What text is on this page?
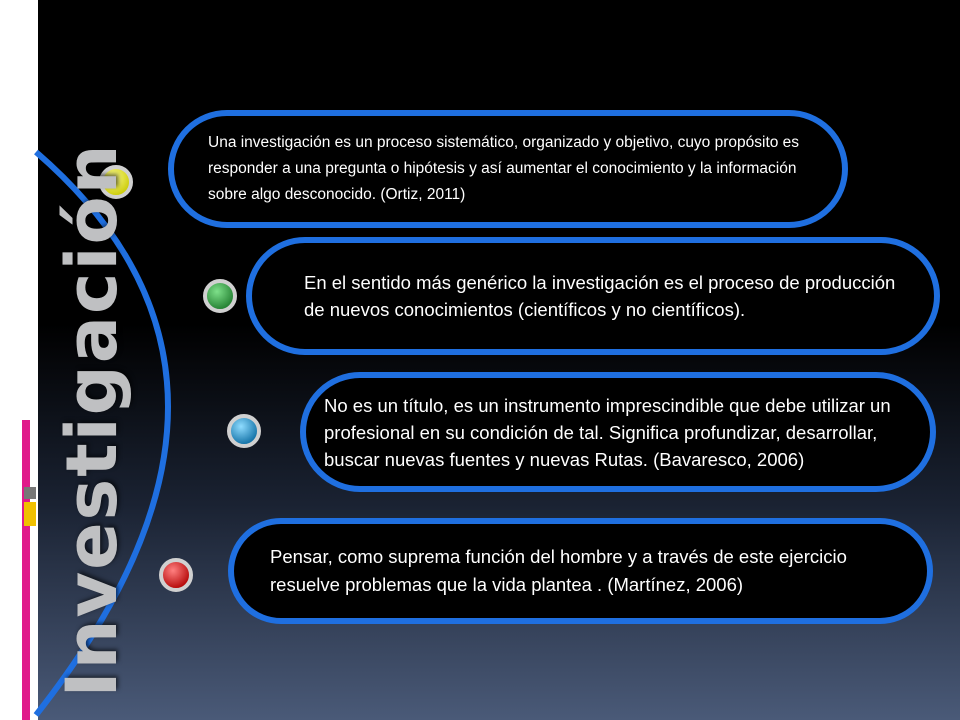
Investigación

Una investigación es un proceso sistemático, organizado y objetivo, cuyo propósito es responder a una pregunta o hipótesis y así aumentar el conocimiento y la información sobre algo desconocido. (Ortiz, 2011)

En el sentido más genérico la investigación es el proceso de producción de nuevos conocimientos (científicos y no científicos).

No es un título, es un instrumento imprescindible que debe utilizar un profesional en su condición de tal. Significa profundizar, desarrollar, buscar nuevas fuentes y nuevas Rutas. (Bavaresco, 2006)

Pensar, como suprema función del hombre y a través de este ejercicio resuelve problemas que la vida plantea . (Martínez, 2006)
